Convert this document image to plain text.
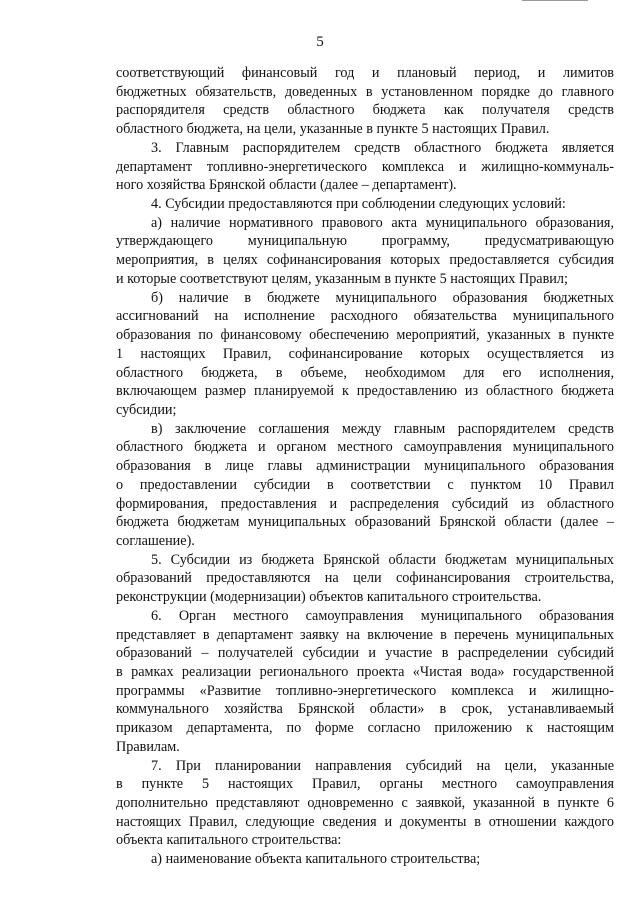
5
соответствующий финансовый год и плановый период, и лимитов
бюджетных обязательств, доведенных в установленном порядке до главного
распорядителя средств областного бюджета как получателя средств
областного бюджета, на цели, указанные в пункте 5 настоящих Правил.
3. Главным распорядителем средств областного бюджета является
департамент топливно-энергетического комплекса и жилищно-коммуналь-
ного хозяйства Брянской области (далее – департамент).
4. Субсидии предоставляются при соблюдении следующих условий:
а) наличие нормативного правового акта муниципального образования,
утверждающего муниципальную программу, предусматривающую
мероприятия, в целях софинансирования которых предоставляется субсидия
и которые соответствуют целям, указанным в пункте 5 настоящих Правил;
б) наличие в бюджете муниципального образования бюджетных
ассигнований на исполнение расходного обязательства муниципального
образования по финансовому обеспечению мероприятий, указанных в пункте
1 настоящих Правил, софинансирование которых осуществляется из
областного бюджета, в объеме, необходимом для его исполнения,
включающем размер планируемой к предоставлению из областного бюджета
субсидии;
в) заключение соглашения между главным распорядителем средств
областного бюджета и органом местного самоуправления муниципального
образования в лице главы администрации муниципального образования
о предоставлении субсидии в соответствии с пунктом 10 Правил
формирования, предоставления и распределения субсидий из областного
бюджета бюджетам муниципальных образований Брянской области (далее –
соглашение).
5. Субсидии из бюджета Брянской области бюджетам муниципальных
образований предоставляются на цели софинансирования строительства,
реконструкции (модернизации) объектов капитального строительства.
6. Орган местного самоуправления муниципального образования
представляет в департамент заявку на включение в перечень муниципальных
образований – получателей субсидии и участие в распределении субсидий
в рамках реализации регионального проекта «Чистая вода» государственной
программы «Развитие топливно-энергетического комплекса и жилищно-
коммунального хозяйства Брянской области» в срок, устанавливаемый
приказом департамента, по форме согласно приложению к настоящим
Правилам.
7. При планировании направления субсидий на цели, указанные
в пункте 5 настоящих Правил, органы местного самоуправления
дополнительно представляют одновременно с заявкой, указанной в пункте 6
настоящих Правил, следующие сведения и документы в отношении каждого
объекта капитального строительства:
а) наименование объекта капитального строительства;
